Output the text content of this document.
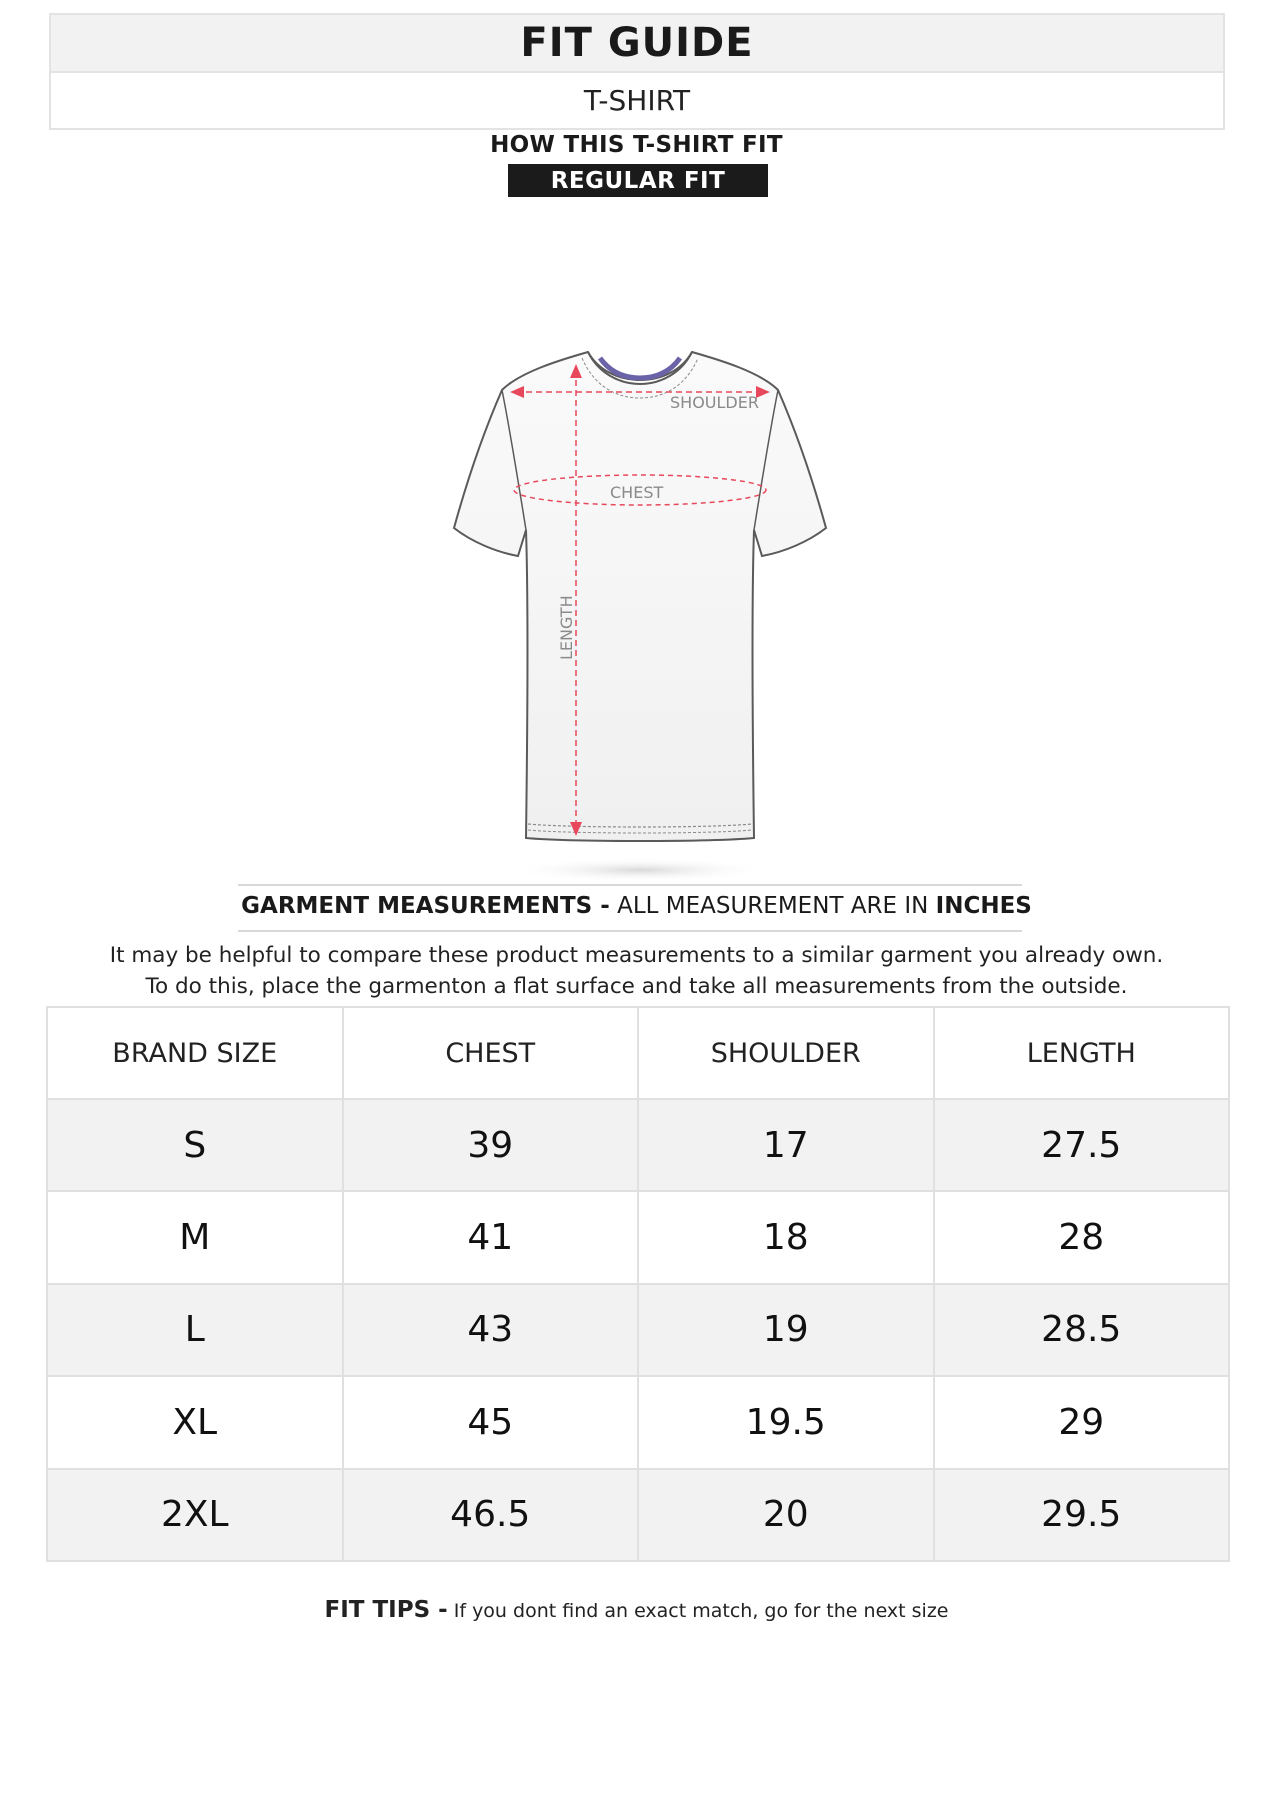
FIT GUIDE
T-SHIRT
HOW THIS T-SHIRT FIT
REGULAR FIT
SHOULDER
CHEST
LENGTH
GARMENT MEASUREMENTS - ALL MEASUREMENT ARE IN INCHES
It may be helpful to compare these product measurements to a similar garment you already own.
To do this, place the garmenton a flat surface and take all measurements from the outside.
BRAND SIZE	CHEST	SHOULDER	LENGTH
S	39	17	27.5
M	41	18	28
L	43	19	28.5
XL	45	19.5	29
2XL	46.5	20	29.5
FIT TIPS - If you dont find an exact match, go for the next size
